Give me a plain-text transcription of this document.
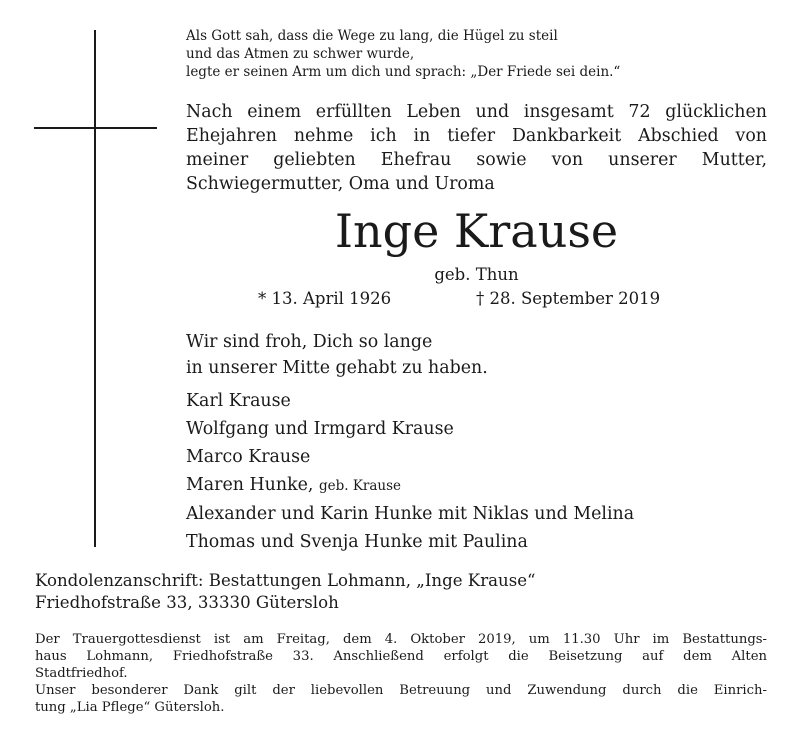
Als Gott sah, dass die Wege zu lang, die Hügel zu steil
und das Atmen zu schwer wurde,
legte er seinen Arm um dich und sprach: „Der Friede sei dein.“
Nach einem erfüllten Leben und insgesamt 72 glücklichen
Ehejahren nehme ich in tiefer Dankbarkeit Abschied von
meiner geliebten Ehefrau sowie von unserer Mutter,
Schwiegermutter, Oma und Uroma
Inge Krause
geb. Thun
* 13. April 1926	† 28. September 2019
Wir sind froh, Dich so lange
in unserer Mitte gehabt zu haben.
Karl Krause
Wolfgang und Irmgard Krause
Marco Krause
Maren Hunke, geb. Krause
Alexander und Karin Hunke mit Niklas und Melina
Thomas und Svenja Hunke mit Paulina
Kondolenzanschrift: Bestattungen Lohmann, „Inge Krause“
Friedhofstraße 33, 33330 Gütersloh
Der Trauergottesdienst ist am Freitag, dem 4. Oktober 2019, um 11.30 Uhr im Bestattungs-
haus Lohmann, Friedhofstraße 33. Anschließend erfolgt die Beisetzung auf dem Alten
Stadtfriedhof.
Unser besonderer Dank gilt der liebevollen Betreuung und Zuwendung durch die Einrich-
tung „Lia Pflege“ Gütersloh.
